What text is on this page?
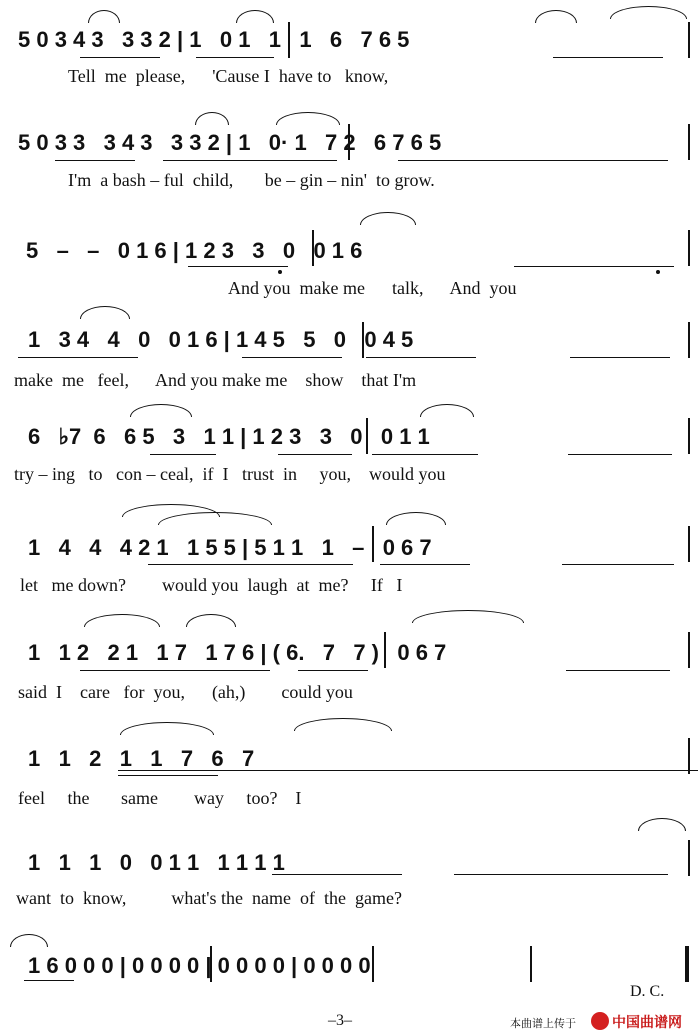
5 0 3 4 3   3 3 2 | 1   0 1   1   1   6   7 6 5
Tell  me  please,      'Cause I  have to   know,
5 0 3 3   3 4 3   3 3 2 | 1   0· 1   7 2   6 7 6 5
I'm  a bash – ful  child,       be – gin – nin'  to grow.
5   –   –   0 1 6 | 1 2 3   3   0   0 1 6
And you  make me      talk,      And  you
1   3 4   4   0   0 1 6 | 1 4 5   5   0   0 4 5
make  me   feel,      And you make me    show    that I'm
6   ♭7  6   6 5   3   1 1 | 1 2 3   3   0   0 1 1
try – ing   to   con – ceal,  if  I   trust  in     you,    would you
1   4   4   4 2 1   1 5 5 | 5 1 1   1   –   0 6 7
let   me down?        would you  laugh  at  me?     If   I
1   1 2   2 1   1 7   1 7 6 | ( 6.   7   7 )   0 6 7
said  I    care   for  you,      (ah,)        could you
1   1   2   1   1   7   6   7
feel     the       same        way     too?    I
1   1   1   0   0 1 1   1 1 1 1
want  to  know,          what's the  name  of  the  game?
1 6 0 0 0 | 0 0 0 0 | 0 0 0 0 | 0 0 0 0
D. C.
–3–	本曲谱上传于	中国曲谱网
